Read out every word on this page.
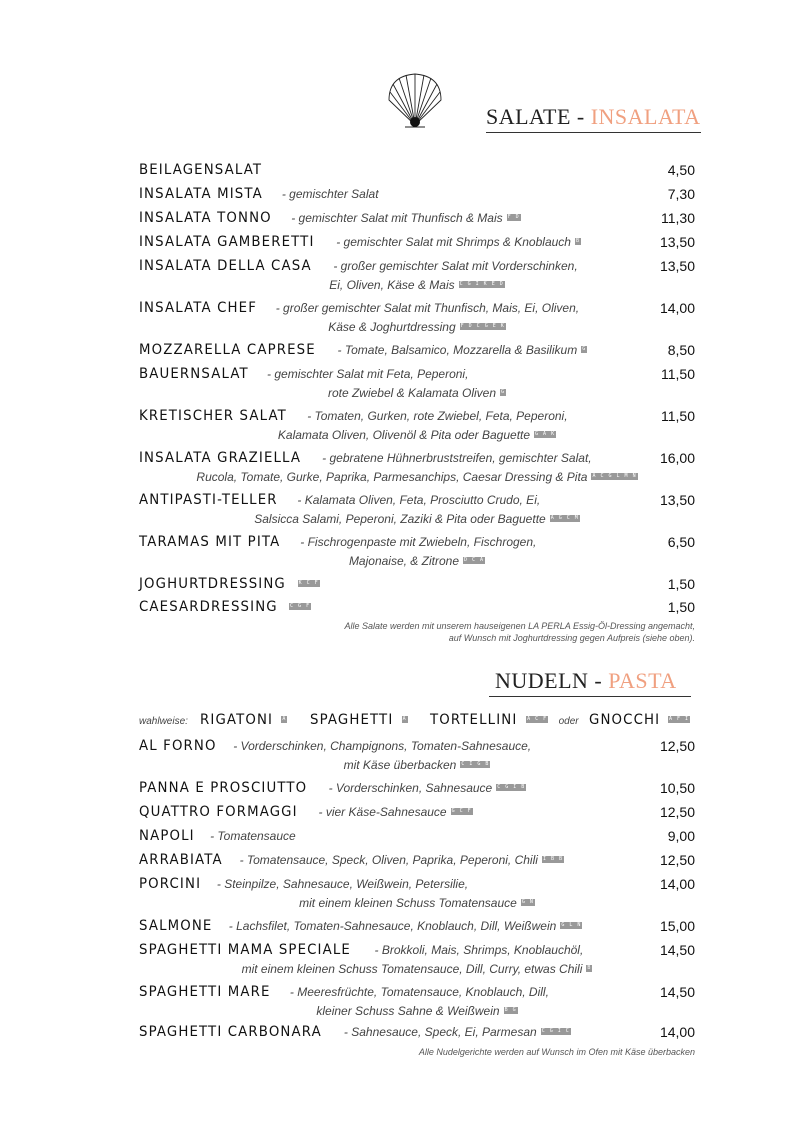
SALATE - INSALATA
BEILAGENSALAT	4,50
INSALATA MISTA - gemischter Salat	7,30
INSALATA TONNO - gemischter Salat mit Thunfisch & Mais F D	11,30
INSALATA GAMBERETTI - gemischter Salat mit Shrimps & Knoblauch B	13,50
INSALATA DELLA CASA - großer gemischter Salat mit Vorderschinken,	13,50
Ei, Oliven, Käse & Mais C G I K E D
INSALATA CHEF - großer gemischter Salat mit Thunfisch, Mais, Ei, Oliven,	14,00
Käse & Joghurtdressing F D C G E K
MOZZARELLA CAPRESE - Tomate, Balsamico, Mozzarella & Basilikum G	8,50
BAUERNSALAT - gemischter Salat mit Feta, Peperoni,	11,50
rote Zwiebel & Kalamata Oliven G
KRETISCHER SALAT - Tomaten, Gurken, rote Zwiebel, Feta, Peperoni,	11,50
Kalamata Oliven, Olivenöl & Pita oder Baguette G A K
INSALATA GRAZIELLA - gebratene Hühnerbruststreifen, gemischter Salat,	16,00
Rucola, Tomate, Gurke, Paprika, Parmesanchips, Caesar Dressing & Pita A C G L M N
ANTIPASTI-TELLER - Kalamata Oliven, Feta, Prosciutto Crudo, Ei,	13,50
Salsicca Salami, Peperoni, Zaziki & Pita oder Baguette A G C M
TARAMAS MIT PITA - Fischrogenpaste mit Zwiebeln, Fischrogen,	6,50
Majonaise, & Zitrone D C A
JOGHURTDRESSING	K C F	1,50
CAESARDRESSING C G F	1,50
Alle Salate werden mit unserem hauseigenen LA PERLA Essig-Öl-Dressing angemacht,
auf Wunsch mit Joghurtdressing gegen Aufpreis (siehe oben).
NUDELN - PASTA
wahlweise: RIGATONI A SPAGHETTI A TORTELLINI A C F oder GNOCCHI A F I
AL FORNO - Vorderschinken, Champignons, Tomaten-Sahnesauce,	12,50
mit Käse überbacken C I G B
PANNA E PROSCIUTTO - Vorderschinken, Sahnesauce C G I B	10,50
QUATTRO FORMAGGI - vier Käse-Sahnesauce G C F	12,50
NAPOLI - Tomatensauce	9,00
ARRABIATA - Tomatensauce, Speck, Oliven, Paprika, Peperoni, Chili I B B	12,50
PORCINI - Steinpilze, Sahnesauce, Weißwein, Petersilie,	14,00
mit einem kleinen Schuss Tomatensauce G N
SALMONE - Lachsfilet, Tomaten-Sahnesauce, Knoblauch, Dill, Weißwein G L N	15,00
SPAGHETTI MAMA SPECIALE - Brokkoli, Mais, Shrimps, Knoblauchöl,	14,50
mit einem kleinen Schuss Tomatensauce, Dill, Curry, etwas Chili B
SPAGHETTI MARE - Meeresfrüchte, Tomatensauce, Knoblauch, Dill,	14,50
kleiner Schuss Sahne & Weißwein B G
SPAGHETTI CARBONARA - Sahnesauce, Speck, Ei, Parmesan C G I C	14,00
Alle Nudelgerichte werden auf Wunsch im Ofen mit Käse überbacken
